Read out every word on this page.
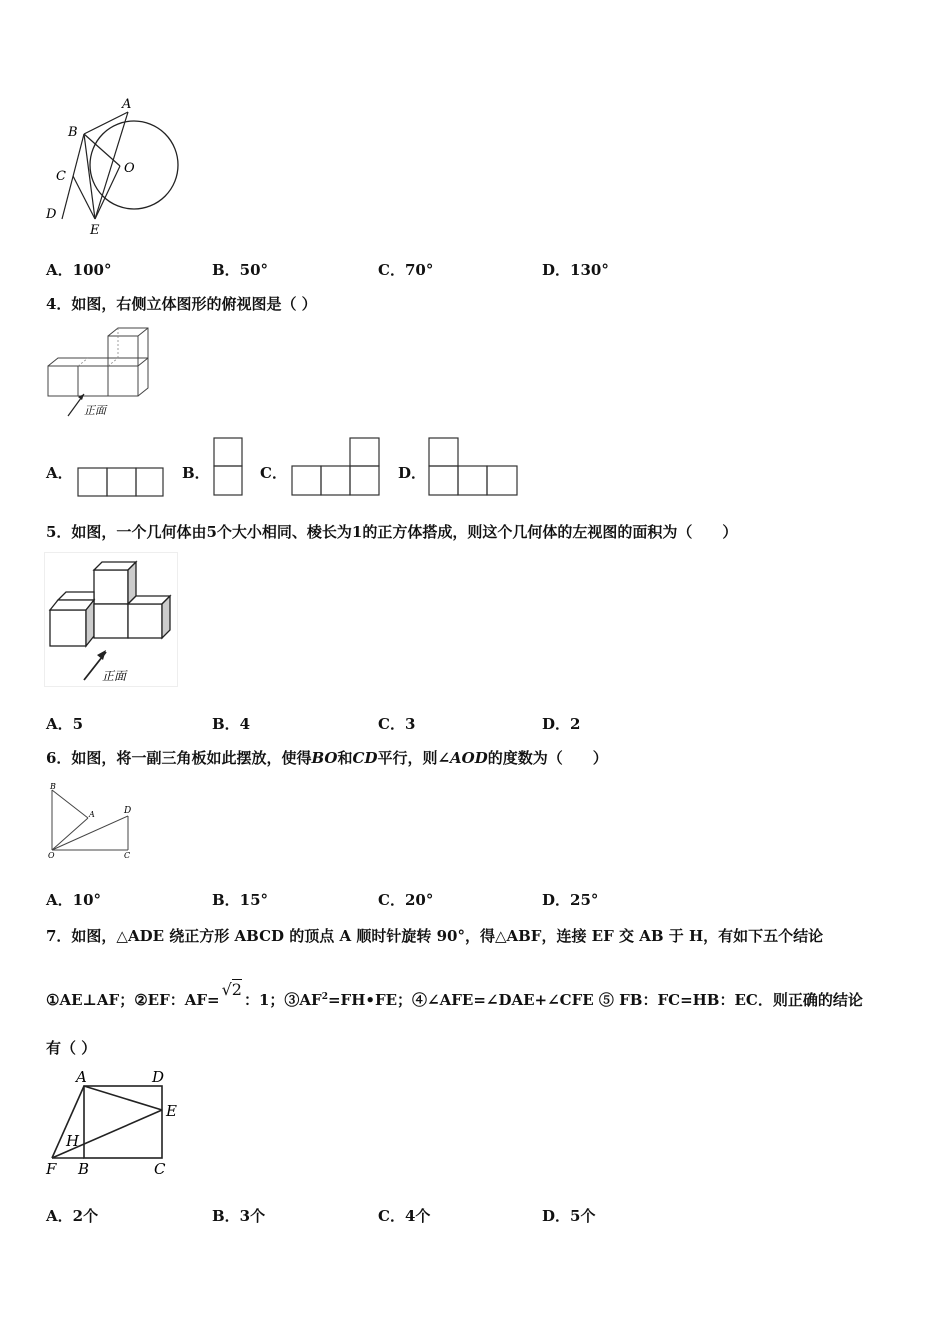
A
B
C
D
E
O
A．100°	B．50°	C．70°	D．130°
4．如图，右侧立体图形的俯视图是（ ）
正面
A．	B．	C．	D．
5．如图，一个几何体由5个大小相同、棱长为1的正方体搭成，则这个几何体的左视图的面积为（　　）
正面
A．5	B．4	C．3	D．2
6．如图，将一副三角板如此摆放，使得BO和CD平行，则∠AOD的度数为（　　）
B
A	D
O	C
A．10°	B．15°	C．20°	D．25°
7．如图，△ADE 绕正方形 ABCD 的顶点 A 顺时针旋转 90°，得△ABF，连接 EF 交 AB 于 H，有如下五个结论
①AE⊥AF；②EF：AF=√2：1；$③AF^2=FH•FE$；④∠AFE=∠DAE+∠CFE ⑤ FB：FC=HB：EC．则正确的结论
有（ ）
A	D
E
H
F B	C
A．2个	B．3个	C．4个	D．5个
